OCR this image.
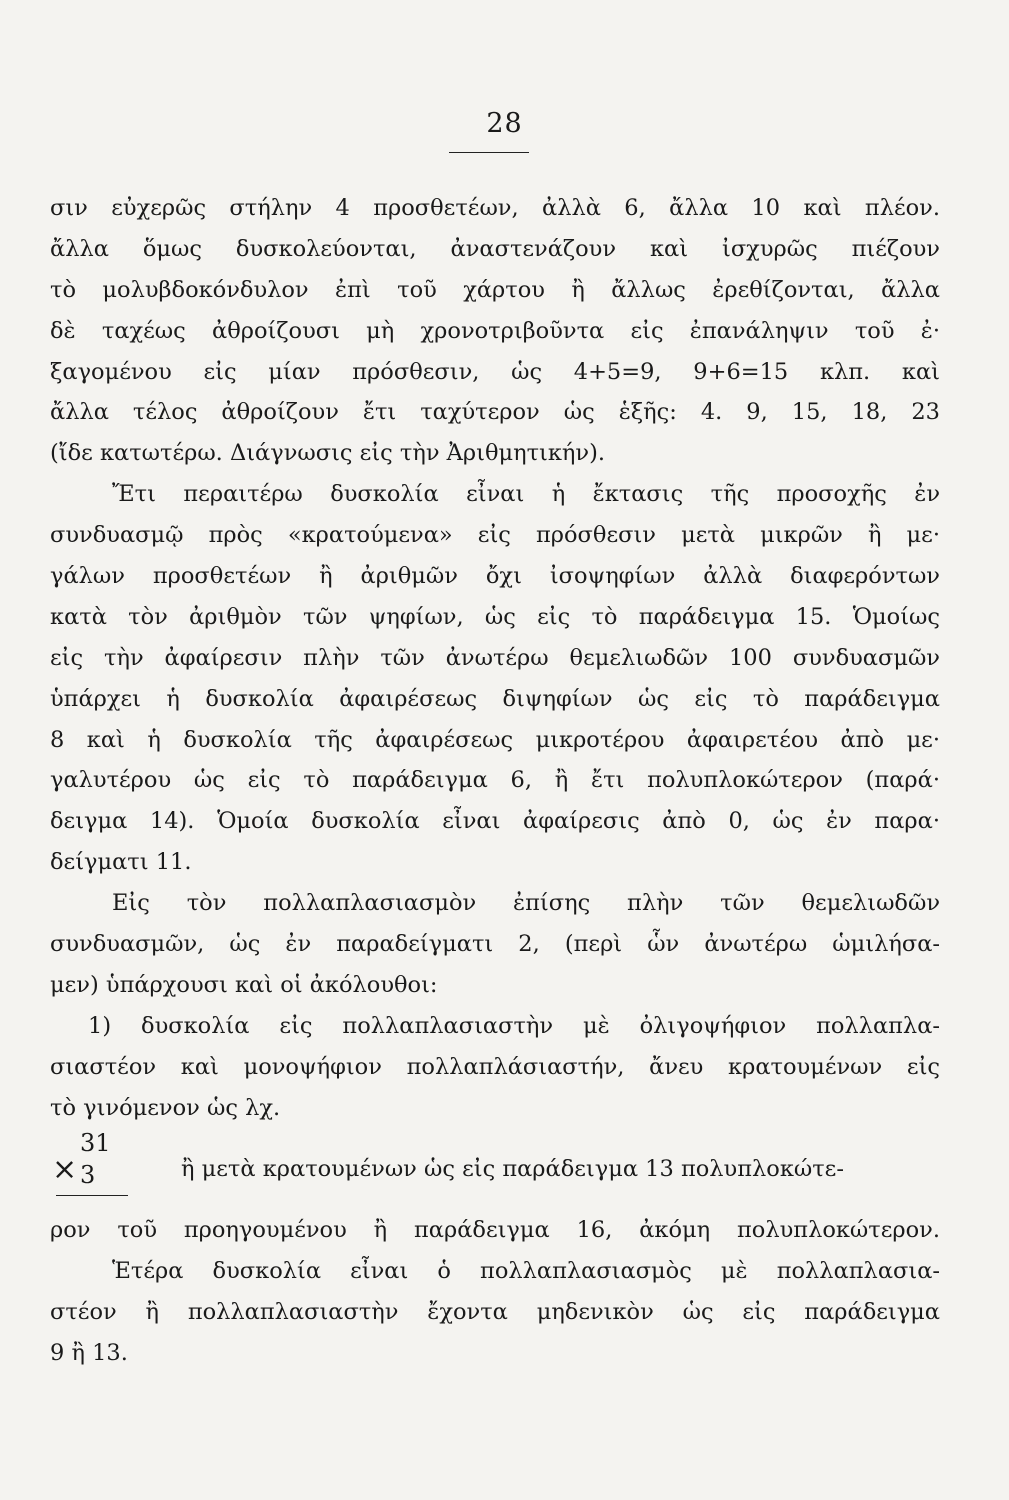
28
σιν εὐχερῶς στήλην 4 προσθετέων, ἀλλὰ 6, ἄλλα 10 καὶ πλέον.
ἄλλα ὅμως δυσκολεύονται, ἀναστενάζουν καὶ ἰσχυρῶς πιέζουν
τὸ μολυβδοκόνδυλον ἐπὶ τοῦ χάρτου ἢ ἄλλως ἐρεθίζονται, ἄλλα
δὲ ταχέως ἀθροίζουσι μὴ χρονοτριβοῦντα εἰς ἐπανάληψιν τοῦ ἐ·
ξαγομένου εἰς μίαν πρόσθεσιν, ὡς 4+5=9, 9+6=15 κλπ. καὶ
ἄλλα τέλος ἀθροίζουν ἔτι ταχύτερον ὡς ἑξῆς: 4. 9, 15, 18, 23
(ἴδε κατωτέρω. Διάγνωσις εἰς τὴν Ἀριθμητικήν).
Ἔτι περαιτέρω δυσκολία εἶναι ἡ ἔκτασις τῆς προσοχῆς ἐν
συνδυασμῷ πρὸς «κρατούμενα» εἰς πρόσθεσιν μετὰ μικρῶν ἢ με·
γάλων προσθετέων ἢ ἀριθμῶν ὄχι ἰσοψηφίων ἀλλὰ διαφερόντων
κατὰ τὸν ἀριθμὸν τῶν ψηφίων, ὡς εἰς τὸ παράδειγμα 15. Ὁμοίως
εἰς τὴν ἀφαίρεσιν πλὴν τῶν ἀνωτέρω θεμελιωδῶν 100 συνδυασμῶν
ὑπάρχει ἡ δυσκολία ἀφαιρέσεως διψηφίων ὡς εἰς τὸ παράδειγμα
8 καὶ ἡ δυσκολία τῆς ἀφαιρέσεως μικροτέρου ἀφαιρετέου ἀπὸ με·
γαλυτέρου ὡς εἰς τὸ παράδειγμα 6, ἢ ἔτι πολυπλοκώτερον (παρά·
δειγμα 14). Ὁμοία δυσκολία εἶναι ἀφαίρεσις ἀπὸ 0, ὡς ἐν παρα·
δείγματι 11.
Εἰς τὸν πολλαπλασιασμὸν ἐπίσης πλὴν τῶν θεμελιωδῶν
συνδυασμῶν, ὡς ἐν παραδείγματι 2, (περὶ ὧν ἀνωτέρω ὡμιλήσα-
μεν) ὑπάρχουσι καὶ οἱ ἀκόλουθοι:
1) δυσκολία εἰς πολλαπλασιαστὴν μὲ ὀλιγοψήφιον πολλαπλα-
σιαστέον καὶ μονοψήφιον πολλαπλάσιαστήν, ἄνευ κρατουμένων εἰς
τὸ γινόμενον ὡς λχ.
×
31
3	ἢ μετὰ κρατουμένων ὡς εἰς παράδειγμα 13 πολυπλοκώτε-
ρον τοῦ προηγουμένου ἢ παράδειγμα 16, ἀκόμη πολυπλοκώτερον.
Ἑτέρα δυσκολία εἶναι ὁ πολλαπλασιασμὸς μὲ πολλαπλασια-
στέον ἢ πολλαπλασιαστὴν ἔχοντα μηδενικὸν ὡς εἰς παράδειγμα
9 ἢ 13.
